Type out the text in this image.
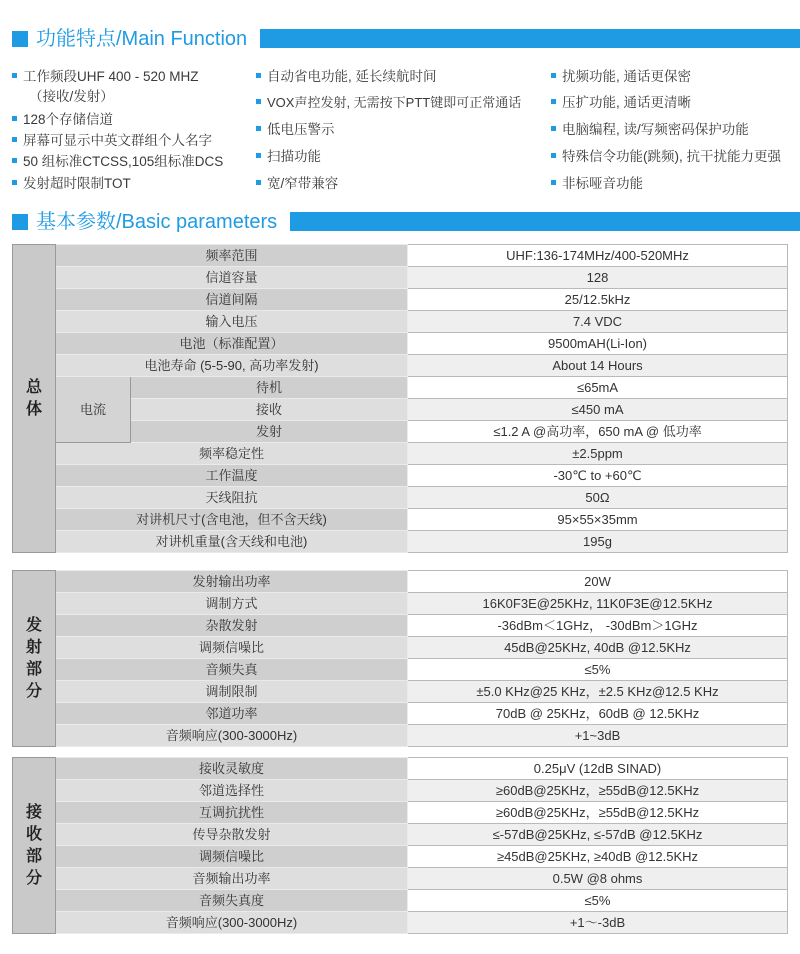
功能特点/Main Function
工作频段UHF 400 - 520 MHZ
（接收/发射）
128个存储信道
屏幕可显示中英文群组个人名字
50 组标准CTCSS,105组标准DCS
发射超时限制TOT
自动省电功能, 延长续航时间
VOX声控发射, 无需按下PTT键即可正常通话
低电压警示
扫描功能
宽/窄带兼容
扰频功能, 通话更保密
压扩功能, 通话更清晰
电脑编程, 读/写频密码保护功能
特殊信令功能(跳频), 抗干扰能力更强
非标哑音功能
基本参数/Basic parameters
总
体	频率范围		UHF:136-174MHz/400-520MHz
	信道容量		128
	信道间隔		25/12.5kHz
	输入电压		7.4 VDC
	电池（标准配置）		9500mAH(Li-Ion)
	电池寿命 (5-5-90, 高功率发射)		About 14 Hours
	电流	待机	≤65mA
		接收	≤450 mA
		发射	≤1.2 A @高功率，650 mA @ 低功率
	频率稳定性		±2.5ppm
	工作温度		-30℃ to +60℃
	天线阻抗		50Ω
	对讲机尺寸(含电池，但不含天线)		95×55×35mm
	对讲机重量(含天线和电池)		195g
发
射
部
分	发射输出功率	20W
	调制方式	16K0F3E@25KHz, 11K0F3E@12.5KHz
	杂散发射	-36dBm＜1GHz， -30dBm＞1GHz
	调频信噪比	45dB@25KHz, 40dB @12.5KHz
	音频失真	≤5%
	调制限制	±5.0 KHz@25 KHz，±2.5 KHz@12.5 KHz
	邻道功率	70dB @ 25KHz，60dB @ 12.5KHz
	音频响应(300-3000Hz)	+1~3dB
接
收
部
分	接收灵敏度	0.25μV (12dB SINAD)
	邻道选择性	≥60dB@25KHz，≥55dB@12.5KHz
	互调抗扰性	≥60dB@25KHz，≥55dB@12.5KHz
	传导杂散发射	≤-57dB@25KHz, ≤-57dB @12.5KHz
	调频信噪比	≥45dB@25KHz, ≥40dB @12.5KHz
	音频输出功率	0.5W @8 ohms
	音频失真度	≤5%
	音频响应(300-3000Hz)	+1～-3dB
